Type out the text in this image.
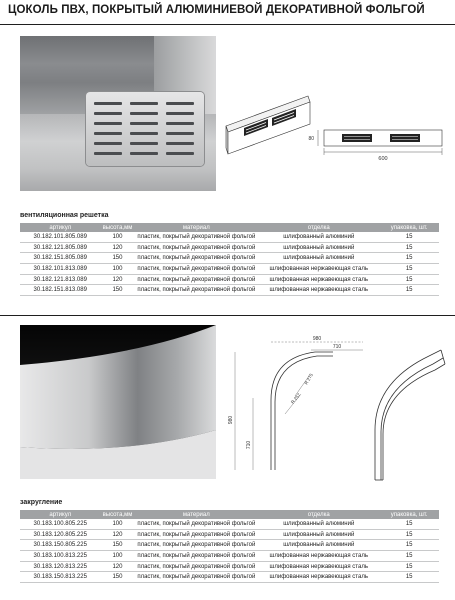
ЦОКОЛЬ ПВХ, ПОКРЫТЫЙ АЛЮМИНИЕВОЙ ДЕКОРАТИВНОЙ ФОЛЬГОЙ
80
600
вентиляционная решетка
артикул	высота,мм	материал	отделка	упаковка, шт.
30.182.101.805.089	100	пластик, покрытый декоративной фольгой	шлифованный алюминий	15
30.182.121.805.089	120	пластик, покрытый декоративной фольгой	шлифованный алюминий	15
30.182.151.805.089	150	пластик, покрытый декоративной фольгой	шлифованный алюминий	15
30.182.101.813.089	100	пластик, покрытый декоративной фольгой	шлифованная нержавеющая сталь	15
30.182.121.813.089	120	пластик, покрытый декоративной фольгой	шлифованная нержавеющая сталь	15
30.182.151.813.089	150	пластик, покрытый декоративной фольгой	шлифованная нержавеющая сталь	15
980
710
980
710
R 275
R 257
закругление
артикул	высота,мм	материал	отделка	упаковка, шт.
30.183.100.805.225	100	пластик, покрытый декоративной фольгой	шлифованный алюминий	15
30.183.120.805.225	120	пластик, покрытый декоративной фольгой	шлифованный алюминий	15
30.183.150.805.225	150	пластик, покрытый декоративной фольгой	шлифованный алюминий	15
30.183.100.813.225	100	пластик, покрытый декоративной фольгой	шлифованная нержавеющая сталь	15
30.183.120.813.225	120	пластик, покрытый декоративной фольгой	шлифованная нержавеющая сталь	15
30.183.150.813.225	150	пластик, покрытый декоративной фольгой	шлифованная нержавеющая сталь	15
